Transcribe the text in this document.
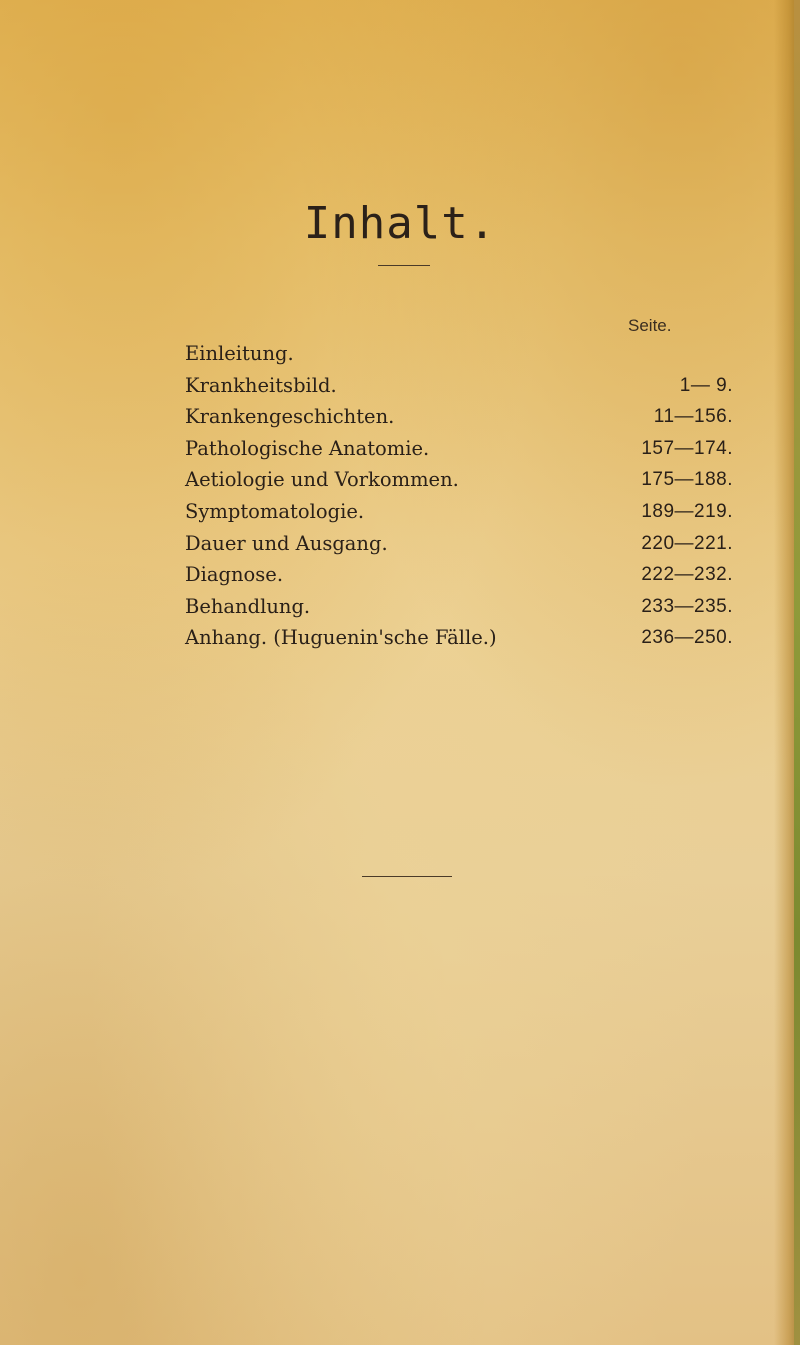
Inhalt.
Seite.
Einleitung.
Krankheitsbild.	1— 9.
Krankengeschichten.	11—156.
Pathologische Anatomie.	157—174.
Aetiologie und Vorkommen.	175—188.
Symptomatologie.	189—219.
Dauer und Ausgang.	220—221.
Diagnose.	222—232.
Behandlung.	233—235.
Anhang. (Huguenin'sche Fälle.)	236—250.
